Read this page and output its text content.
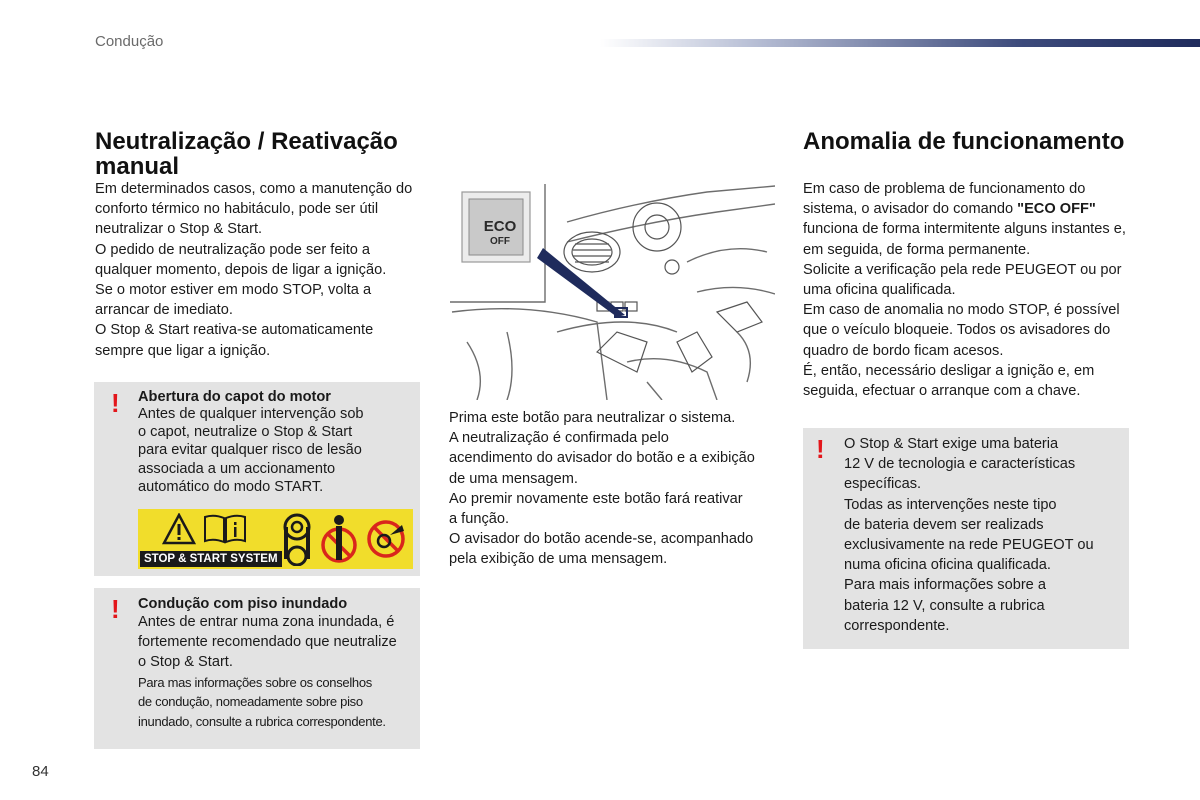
Condução
Neutralização / Reativação manual

Em determinados casos, como a manutenção do conforto térmico no habitáculo, pode ser útil neutralizar o Stop & Start.

O pedido de neutralização pode ser feito a qualquer momento, depois de ligar a ignição.

Se o motor estiver em modo STOP, volta a arrancar de imediato.

O Stop & Start reativa-se automaticamente sempre que ligar a ignição.

! Abertura do capot do motor
Antes de qualquer intervenção sob
o capot, neutralize o Stop & Start
para evitar qualquer risco de lesão
associada a um accionamento
automático do modo START.
STOP & START SYSTEM
! Condução com piso inundado
Antes de entrar numa zona inundada, é
fortemente recomendado que neutralize
o Stop & Start.
Para mas informações sobre os conselhos
de condução, nomeadamente sobre piso
inundado, consulte a rubrica correspondente.
ECO
OFF

Prima este botão para neutralizar o sistema.

A neutralização é confirmada pelo

acendimento do avisador do botão e a exibição

de uma mensagem.

Ao premir novamente este botão fará reativar

a função.

O avisador do botão acende-se, acompanhado

pela exibição de uma mensagem.

Anomalia de funcionamento

Em caso de problema de funcionamento do sistema, o avisador do comando "ECO OFF" funciona de forma intermitente alguns instantes e, em seguida, de forma permanente.

Solicite a verificação pela rede PEUGEOT ou por uma oficina qualificada.

Em caso de anomalia no modo STOP, é possível que o veículo bloqueie. Todos os avisadores do quadro de bordo ficam acesos.

É, então, necessário desligar a ignição e, em seguida, efectuar o arranque com a chave.

! O Stop & Start exige uma bateria

12 V de tecnologia e características

específicas.

Todas as intervenções neste tipo

de bateria devem ser realizads

exclusivamente na rede PEUGEOT ou

numa oficina oficina qualificada.

Para mais informações sobre a

bateria 12 V, consulte a rubrica

correspondente.

84
